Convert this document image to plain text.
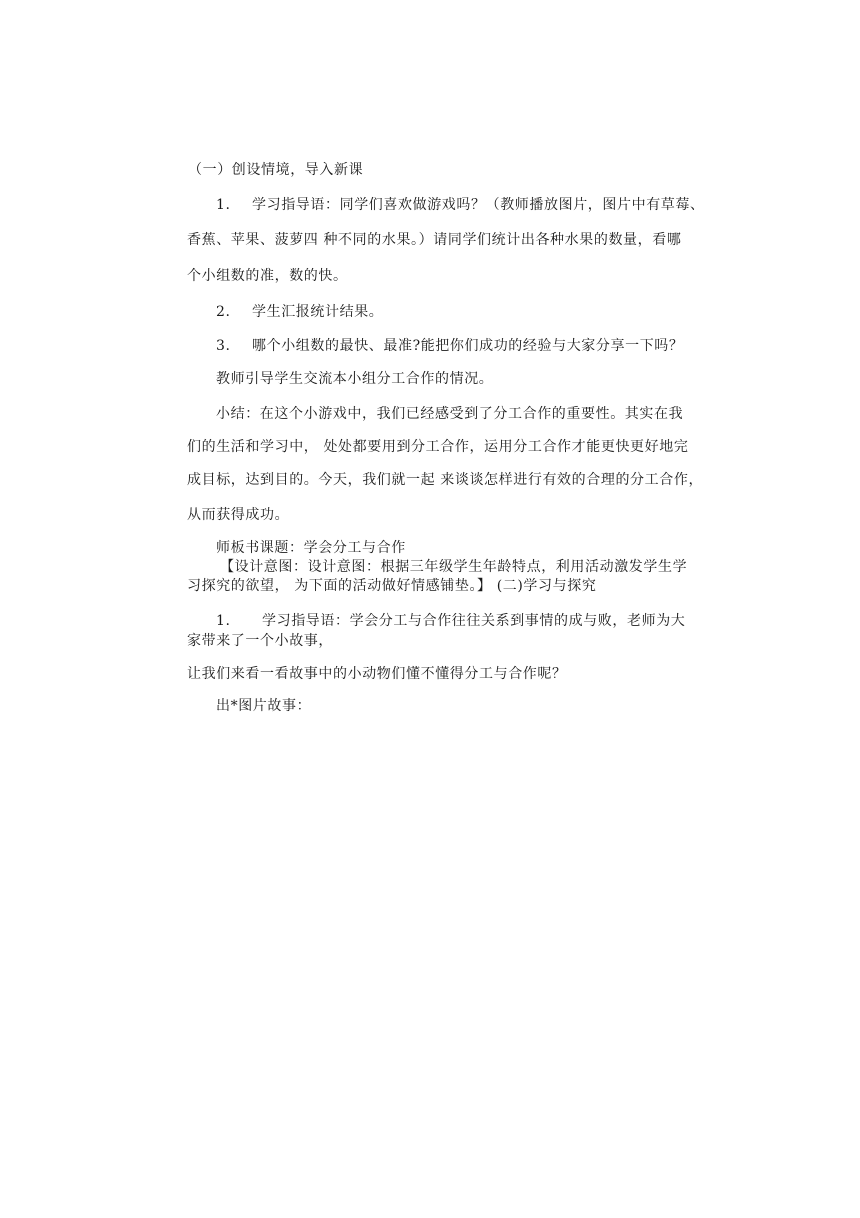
（一）创设情境，导入新课
1. 学习指导语：同学们喜欢做游戏吗？（教师播放图片，图片中有草莓、
香蕉、苹果、菠萝四 种不同的水果。）请同学们统计出各种水果的数量，看哪
个小组数的准，数的快。
2. 学生汇报统计结果。
3. 哪个小组数的最快、最准?能把你们成功的经验与大家分享一下吗？
教师引导学生交流本小组分工合作的情况。
小结：在这个小游戏中，我们已经感受到了分工合作的重要性。其实在我
们的生活和学习中， 处处都要用到分工合作，运用分工合作才能更快更好地完
成目标，达到目的。今天，我们就一起 来谈谈怎样进行有效的合理的分工合作，
从而获得成功。
师板书课题：学会分工与合作
【设计意图：设计意图：根据三年级学生年龄特点，利用活动激发学生学
习探究的欲望， 为下面的活动做好情感铺垫。】 (二)学习与探究
1. 学习指导语：学会分工与合作往往关系到事情的成与败，老师为大
家带来了一个小故事，
让我们来看一看故事中的小动物们懂不懂得分工与合作呢？
出*图片故事：
